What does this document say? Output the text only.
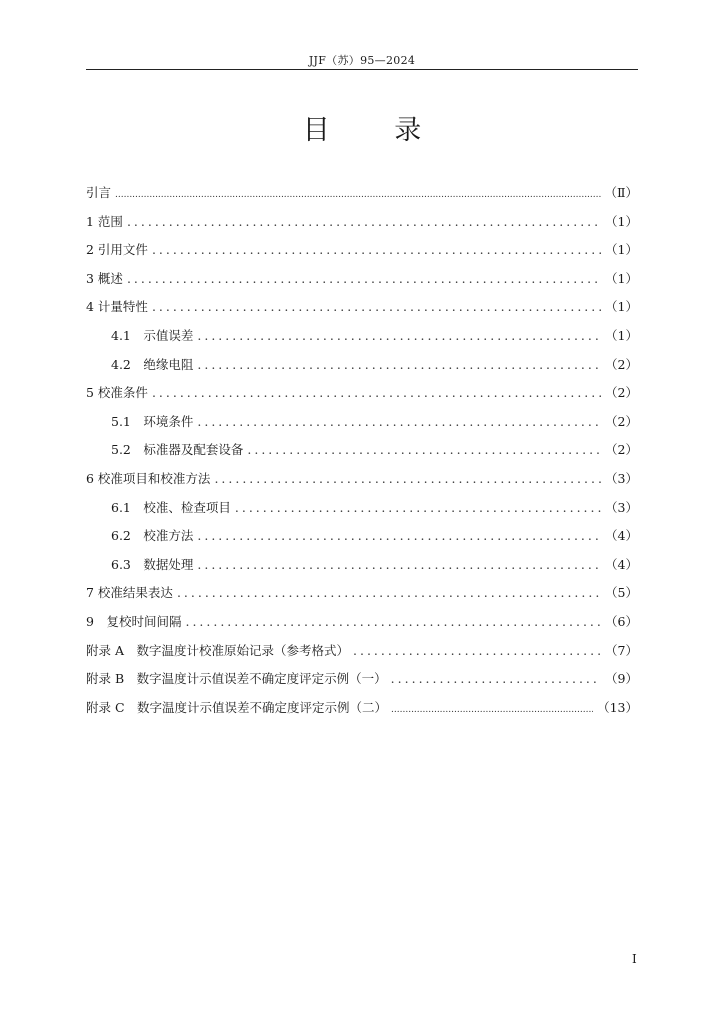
JJF（苏）95—2024
目 录
引言 .....	（Ⅱ）
1 范围 .....	（1）
2 引用文件 .....	（1）
3 概述 .....	（1）
4 计量特性 .....	（1）
4.1　示值误差 .....	（1）
4.2　绝缘电阻 .....	（2）
5 校准条件 .....	（2）
5.1　环境条件 .....	（2）
5.2　标准器及配套设备 .....	（2）
6 校准项目和校准方法 .....	（3）
6.1　校准、检查项目 .....	（3）
6.2　校准方法 .....	（4）
6.3　数据处理 .....	（4）
7 校准结果表达 .....	（5）
9　复校时间间隔 .....	（6）
附录 A　数字温度计校准原始记录（参考格式） .....	（7）
附录 B　数字温度计示值误差不确定度评定示例（一） .....	（9）
附录 C　数字温度计示值误差不确定度评定示例（二） .....	（13）
I
